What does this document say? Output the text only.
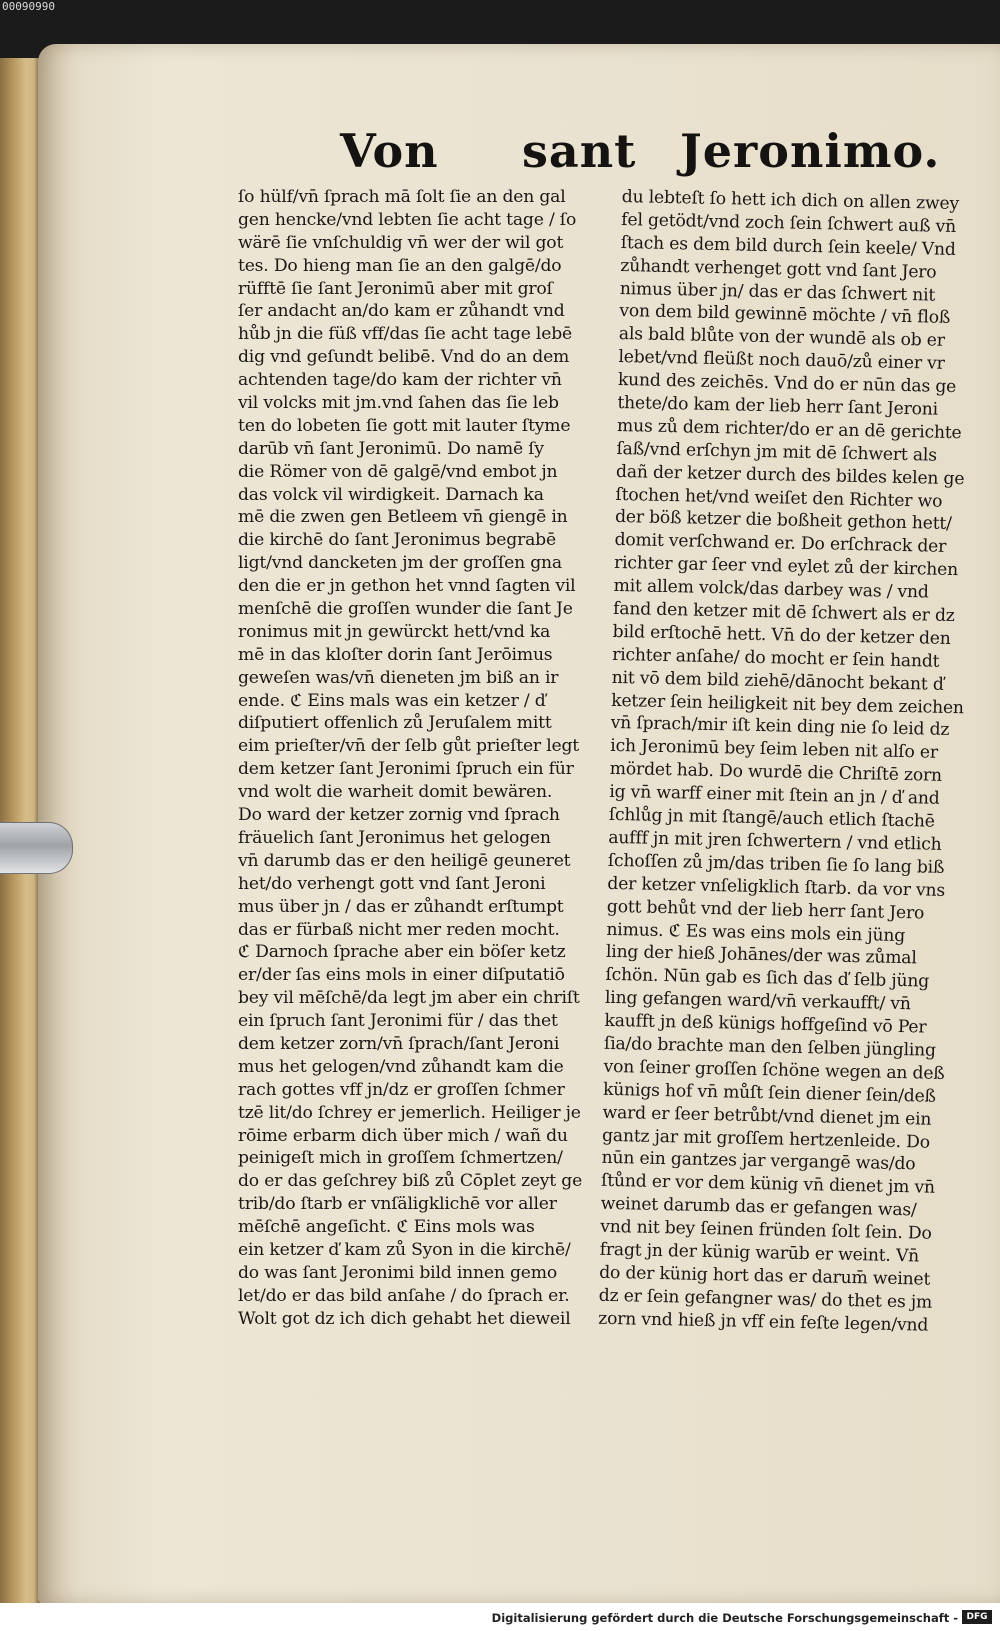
00090990
Von sant Jeronimo.
ſo hülf/vn̄ ſprach mā ſolt ſie an den gal
gen hencke/vnd lebten ſie acht tage / ſo
wärē ſie vnſchuldig vn̄ wer der wil got
tes. Do hieng man ſie an den galgē/do
rüfftē ſie ſant Jeronimū aber mit groſ
ſer andacht an/do kam er zůhandt vnd
hůb jn die füß vff/das ſie acht tage lebē
dig vnd geſundt belibē. Vnd do an dem
achtenden tage/do kam der richter vn̄
vil volcks mit jm.vnd ſahen das ſie leb
ten do lobeten ſie gott mit lauter ſtyme
darūb vn̄ ſant Jeronimū. Do namē ſy
die Römer von dē galgē/vnd embot jn
das volck vil wirdigkeit. Darnach ka
mē die zwen gen Betleem vn̄ giengē in
die kirchē do ſant Jeronimus begrabē
ligt/vnd dancketen jm der groſſen gna
den die er jn gethon het vnnd ſagten vil
menſchē die groſſen wunder die ſant Je
ronimus mit jn gewürckt hett/vnd ka
mē in das kloſter dorin ſant Jerōimus
geweſen was/vn̄ dieneten jm biß an ir
ende. ℭ Eins mals was ein ketzer / ď
diſputiert offenlich zů Jeruſalem mitt
eim prieſter/vn̄ der ſelb gůt prieſter legt
dem ketzer ſant Jeronimi ſpruch ein für
vnd wolt die warheit domit bewären.
Do ward der ketzer zornig vnd ſprach
fräuelich ſant Jeronimus het gelogen
vn̄ darumb das er den heiligē geuneret
het/do verhengt gott vnd ſant Jeroni
mus über jn / das er zůhandt erſtumpt
das er fürbaß nicht mer reden mocht.
ℭ Darnoch ſprache aber ein böſer ketz
er/der ſas eins mols in einer diſputatiō
bey vil mēſchē/da legt jm aber ein chriſt
ein ſpruch ſant Jeronimi für / das thet
dem ketzer zorn/vn̄ ſprach/ſant Jeroni
mus het gelogen/vnd zůhandt kam die
rach gottes vff jn/dz er groſſen ſchmer
tzē lit/do ſchrey er jemerlich. Heiliger je
rōime erbarm dich über mich / wañ du
peinigeſt mich in groſſem ſchmertzen/
do er das geſchrey biß zů Cōplet zeyt ge
trib/do ſtarb er vnſäligklichē vor aller
mēſchē angeſicht. ℭ Eins mols was
ein ketzer ď kam zů Syon in die kirchē/
do was ſant Jeronimi bild innen gemo
let/do er das bild anſahe / do ſprach er.
Wolt got dz ich dich gehabt het dieweil
du lebteſt ſo hett ich dich on allen zwey
fel getödt/vnd zoch ſein ſchwert auß vn̄
ſtach es dem bild durch ſein keele/ Vnd
zůhandt verhenget gott vnd ſant Jero
nimus über jn/ das er das ſchwert nit
von dem bild gewinnē möchte / vn̄ floß
als bald blůte von der wundē als ob er
lebet/vnd fleüßt noch dauō/zů einer vr
kund des zeichēs. Vnd do er nūn das ge
thete/do kam der lieb herr ſant Jeroni
mus zů dem richter/do er an dē gerichte
ſaß/vnd erſchyn jm mit dē ſchwert als
dañ der ketzer durch des bildes kelen ge
ſtochen het/vnd weiſet den Richter wo
der böß ketzer die boßheit gethon hett/
domit verſchwand er. Do erſchrack der
richter gar ſeer vnd eylet zů der kirchen
mit allem volck/das darbey was / vnd
fand den ketzer mit dē ſchwert als er dz
bild erſtochē hett. Vn̄ do der ketzer den
richter anſahe/ do mocht er ſein handt
nit vō dem bild ziehē/dānocht bekant ď
ketzer ſein heiligkeit nit bey dem zeichen
vn̄ ſprach/mir iſt kein ding nie ſo leid dz
ich Jeronimū bey ſeim leben nit alſo er
mördet hab. Do wurdē die Chriſtē zorn
ig vn̄ warff einer mit ſtein an jn / ď and
ſchlůg jn mit ſtangē/auch etlich ſtachē
aufff jn mit jren ſchwertern / vnd etlich
ſchoſſen zů jm/das triben ſie ſo lang biß
der ketzer vnſeligklich ſtarb. da vor vns
gott behůt vnd der lieb herr ſant Jero
nimus. ℭ Es was eins mols ein jüng
ling der hieß Johānes/der was zůmal
ſchön. Nūn gab es ſich das ď ſelb jüng
ling gefangen ward/vn̄ verkaufft/ vn̄
kaufft jn deß künigs hoffgeſind vō Per
ſia/do brachte man den ſelben jüngling
von ſeiner groſſen ſchöne wegen an deß
künigs hof vn̄ můſt ſein diener ſein/deß
ward er ſeer betrůbt/vnd dienet jm ein
gantz jar mit groſſem hertzenleide. Do
nūn ein gantzes jar vergangē was/do
ſtůnd er vor dem künig vn̄ dienet jm vn̄
weinet darumb das er gefangen was/
vnd nit bey ſeinen fründen ſolt ſein. Do
fragt jn der künig warūb er weint. Vn̄
do der künig hort das er darum̄ weinet
dz er ſein gefangner was/ do thet es jm
zorn vnd hieß jn vff ein feſte legen/vnd
Digitalisierung gefördert durch die Deutsche Forschungsgemeinschaft - DFG
